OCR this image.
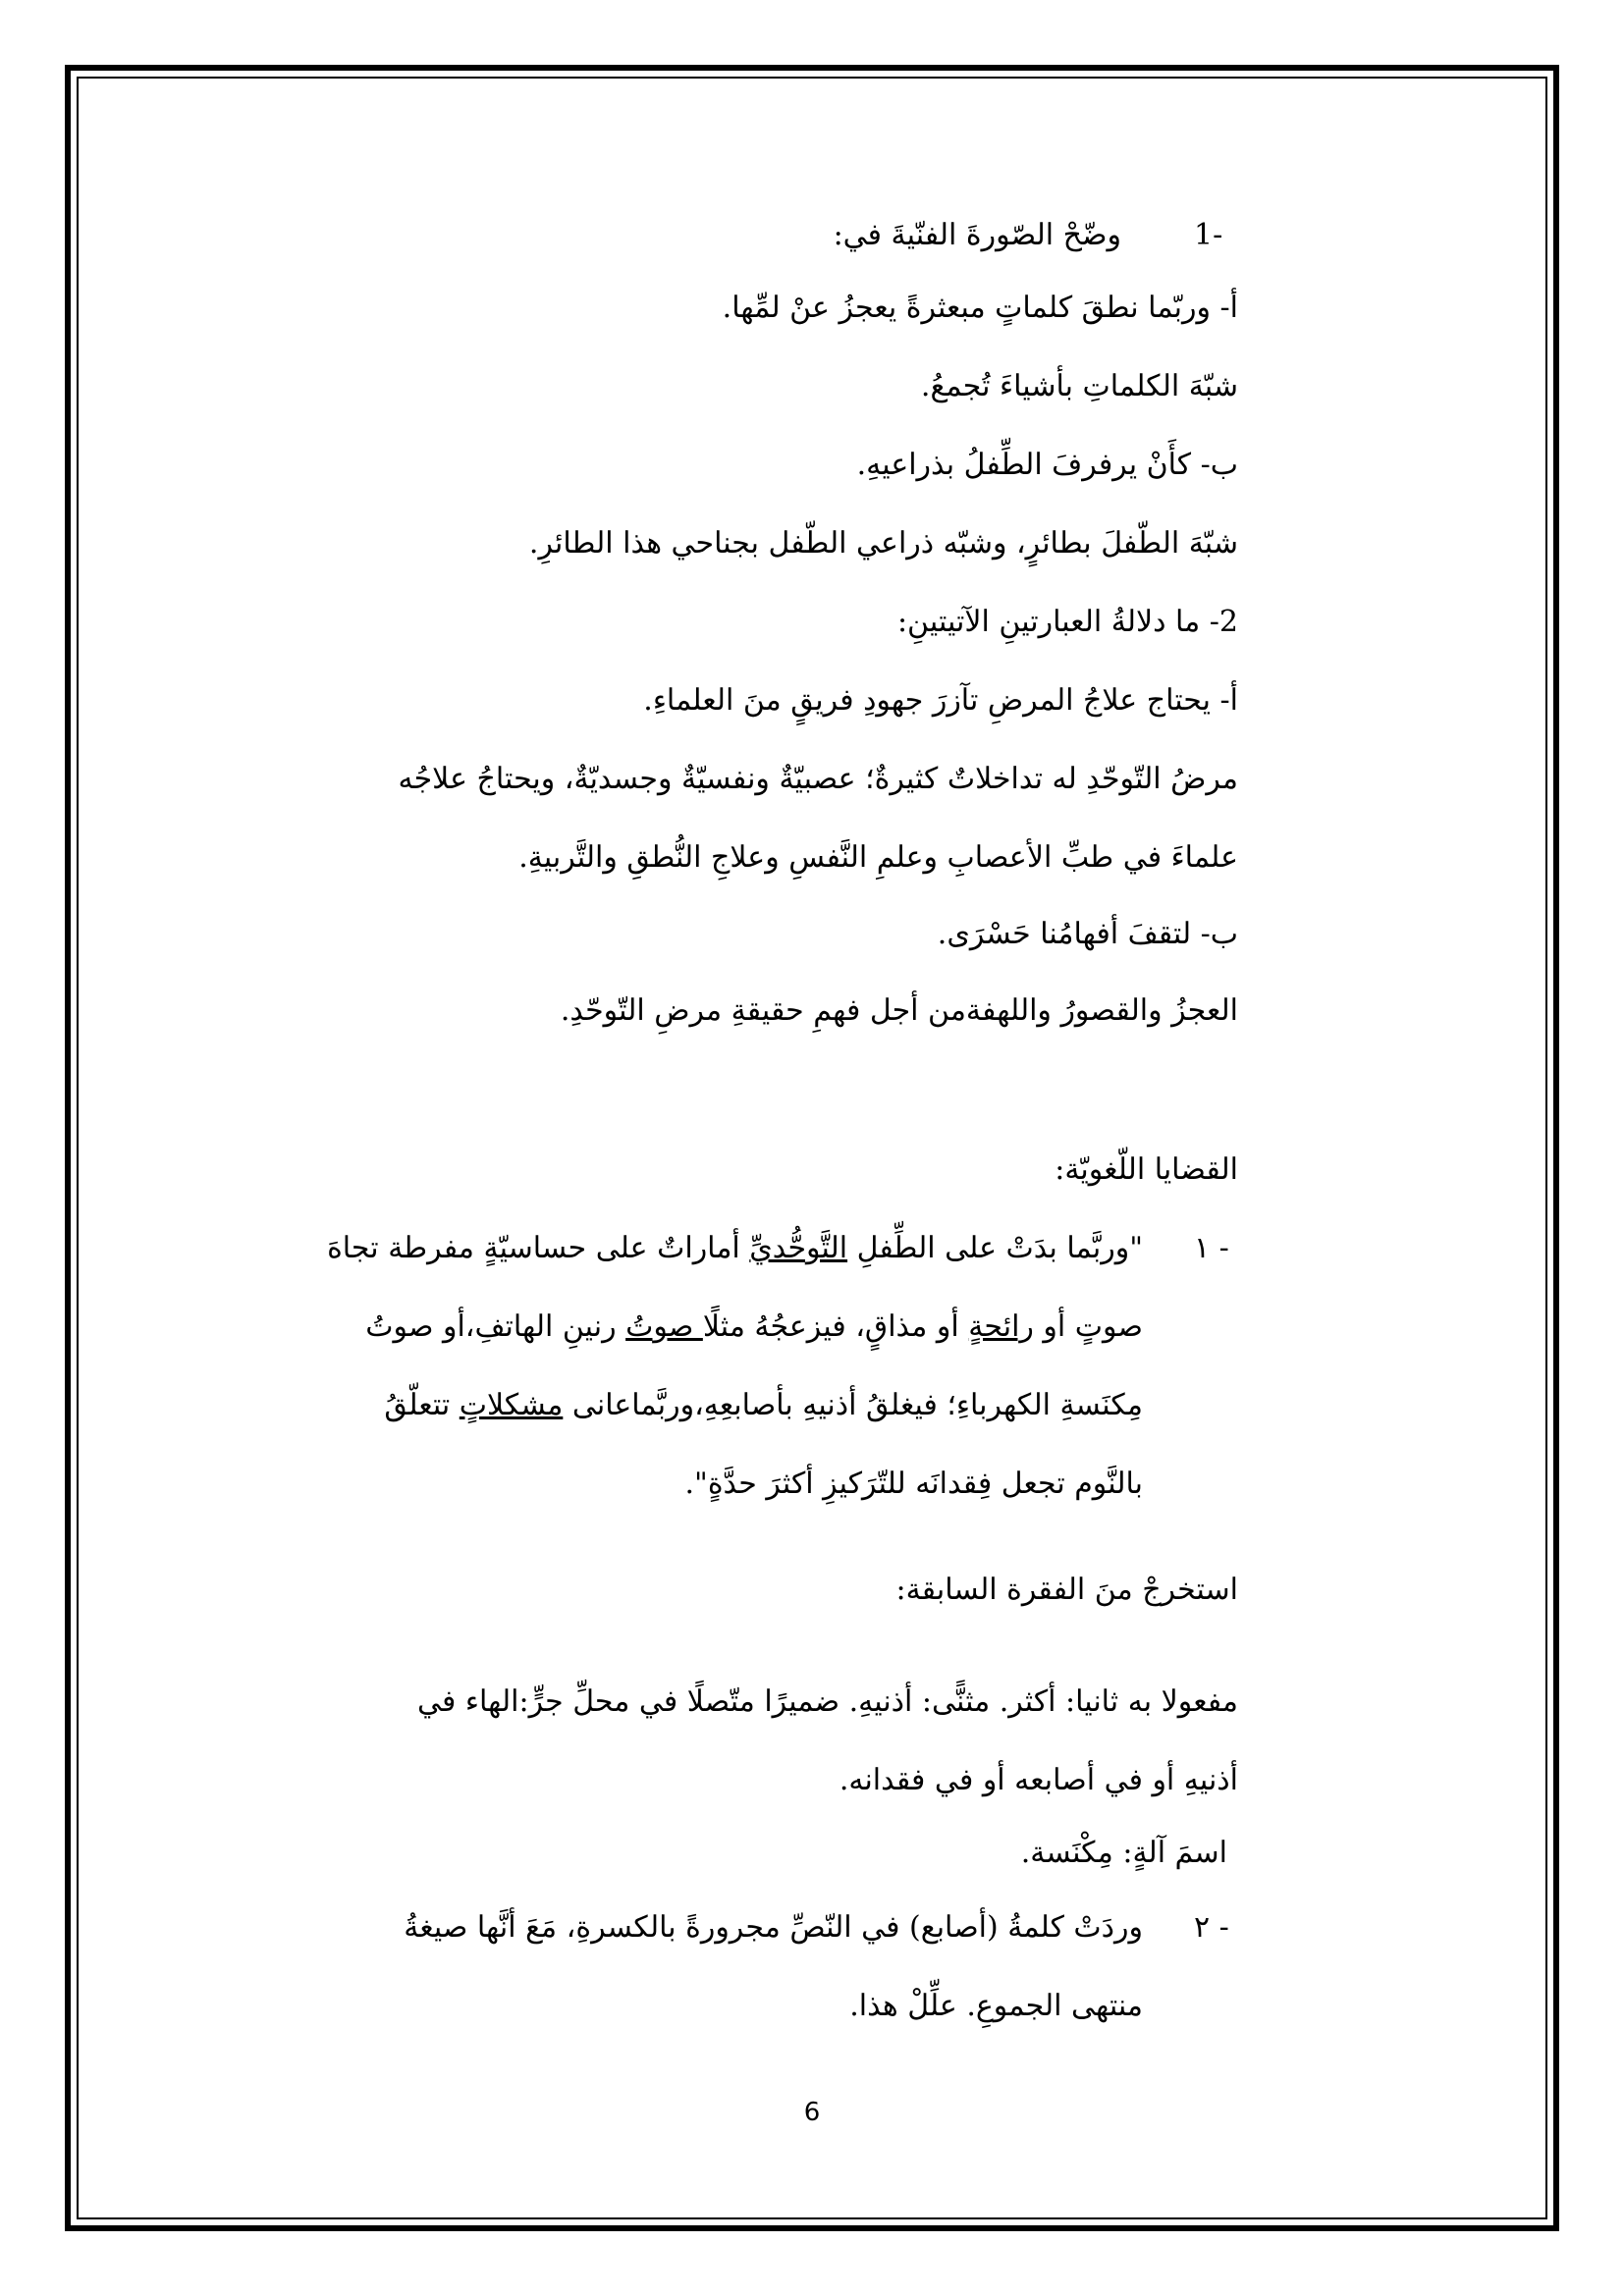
1-
وضّحْ الصّورةَ الفنّيةَ في:
أ- وربّما نطقَ كلماتٍ مبعثرةً يعجزُ عنْ لمِّها.
شبّهَ الكلماتِ بأشياءَ تُجمعُ.
ب- كأَنْ يرفرفَ الطِّفلُ بذراعيهِ.
شبّهَ الطّفلَ بطائرٍ، وشبّه ذراعي الطّفل بجناحي هذا الطائرِ.
2- ما دلالةُ العبارتينِ الآتيتينِ:
أ- يحتاج علاجُ المرضِ تآزرَ جهودِ فريقٍ منَ العلماءِ.
مرضُ التّوحّدِ له تداخلاتٌ كثيرةٌ؛ عصبيّةٌ ونفسيّةٌ وجسديّةٌ، ويحتاجُ علاجُه
علماءَ في طبِّ الأعصابِ وعلمِ النَّفسِ وعلاجِ النُّطقِ والتَّربيةِ.
ب- لتقفَ أفهامُنا حَسْرَى.
العجزُ والقصورُ واللهفةمن أجل فهمِ حقيقةِ مرضِ التّوحّدِ.
القضايا اللّغويّة:
١ -
"وربَّما بدَتْ على الطِّفلِ التَّوحُّديِّ أماراتٌ على حساسيّةٍ مفرطة تجاهَ
صوتٍ أو رائحةٍ أو مذاقٍ، فيزعجُهُ مثلًا صوتُ رنينِ الهاتفِ،أو صوتُ
مِكنَسةِ الكهرباءِ؛ فيغلقُ أذنيهِ بأصابعِهِ،وربَّماعانى مشكلاتٍ تتعلّقُ
بالنَّوم تجعل فِقدانَه للتّرَكيزِ أكثرَ حدَّةٍ".
استخرجْ منَ الفقرة السابقة:
مفعولا به ثانيا: أكثر. مثنًّى: أذنيهِ. ضميرًا متّصلًا في محلِّ جرٍّ:الهاء في
أذنيهِ أو في أصابعه أو في فقدانه.
اسمَ آلةٍ: مِكْنَسة.
٢ -
وردَتْ كلمةُ (أصابع) في النّصِّ مجرورةً بالكسرةِ، مَعَ أنَّها صيغةُ
منتهى الجموعِ. علِّلْ هذا.
6
